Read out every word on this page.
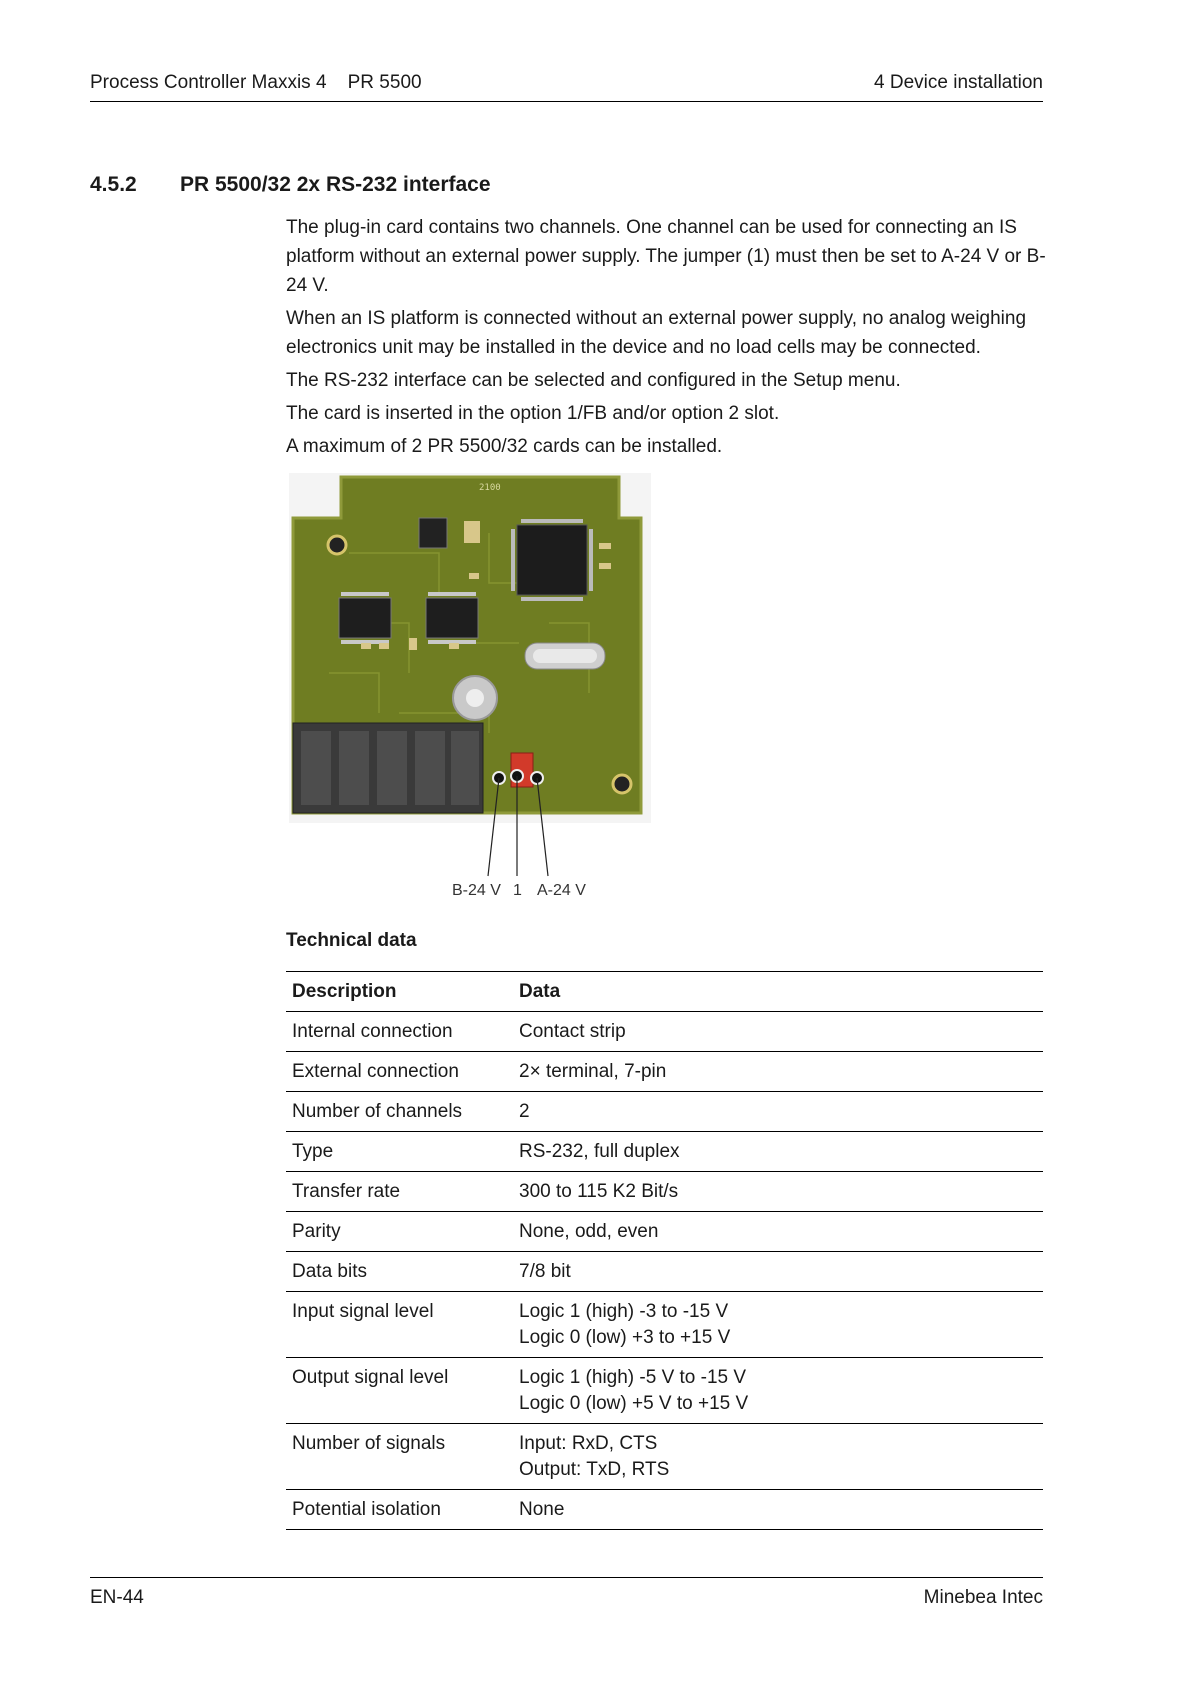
Process Controller Maxxis 4    PR 5500	4 Device installation
4.5.2 PR 5500/32 2x RS-232 interface

The plug-in card contains two channels. One channel can be used for connecting an IS platform without an external power supply. The jumper (1) must then be set to A-24 V or B-24 V.

When an IS platform is connected without an external power supply, no analog weighing electronics unit may be installed in the device and no load cells may be connected.

The RS-232 interface can be selected and configured in the Setup menu.

The card is inserted in the option 1/FB and/or option 2 slot.

A maximum of 2 PR 5500/32 cards can be installed.

2100
B-24 V 1 A-24 V
Technical data
Description	Data
Internal connection	Contact strip

External connection	2× terminal, 7-pin

Number of channels	2

Type	RS-232, full duplex

Transfer rate	300 to 115 K2 Bit/s

Parity	None, odd, even

Data bits	7/8 bit

Input signal level	Logic 1 (high) -3 to -15 V
Logic 0 (low) +3 to +15 V

Output signal level	Logic 1 (high) -5 V to -15 V
Logic 0 (low) +5 V to +15 V

Number of signals	Input: RxD, CTS
Output: TxD, RTS

Potential isolation	None
EN-44	Minebea Intec
